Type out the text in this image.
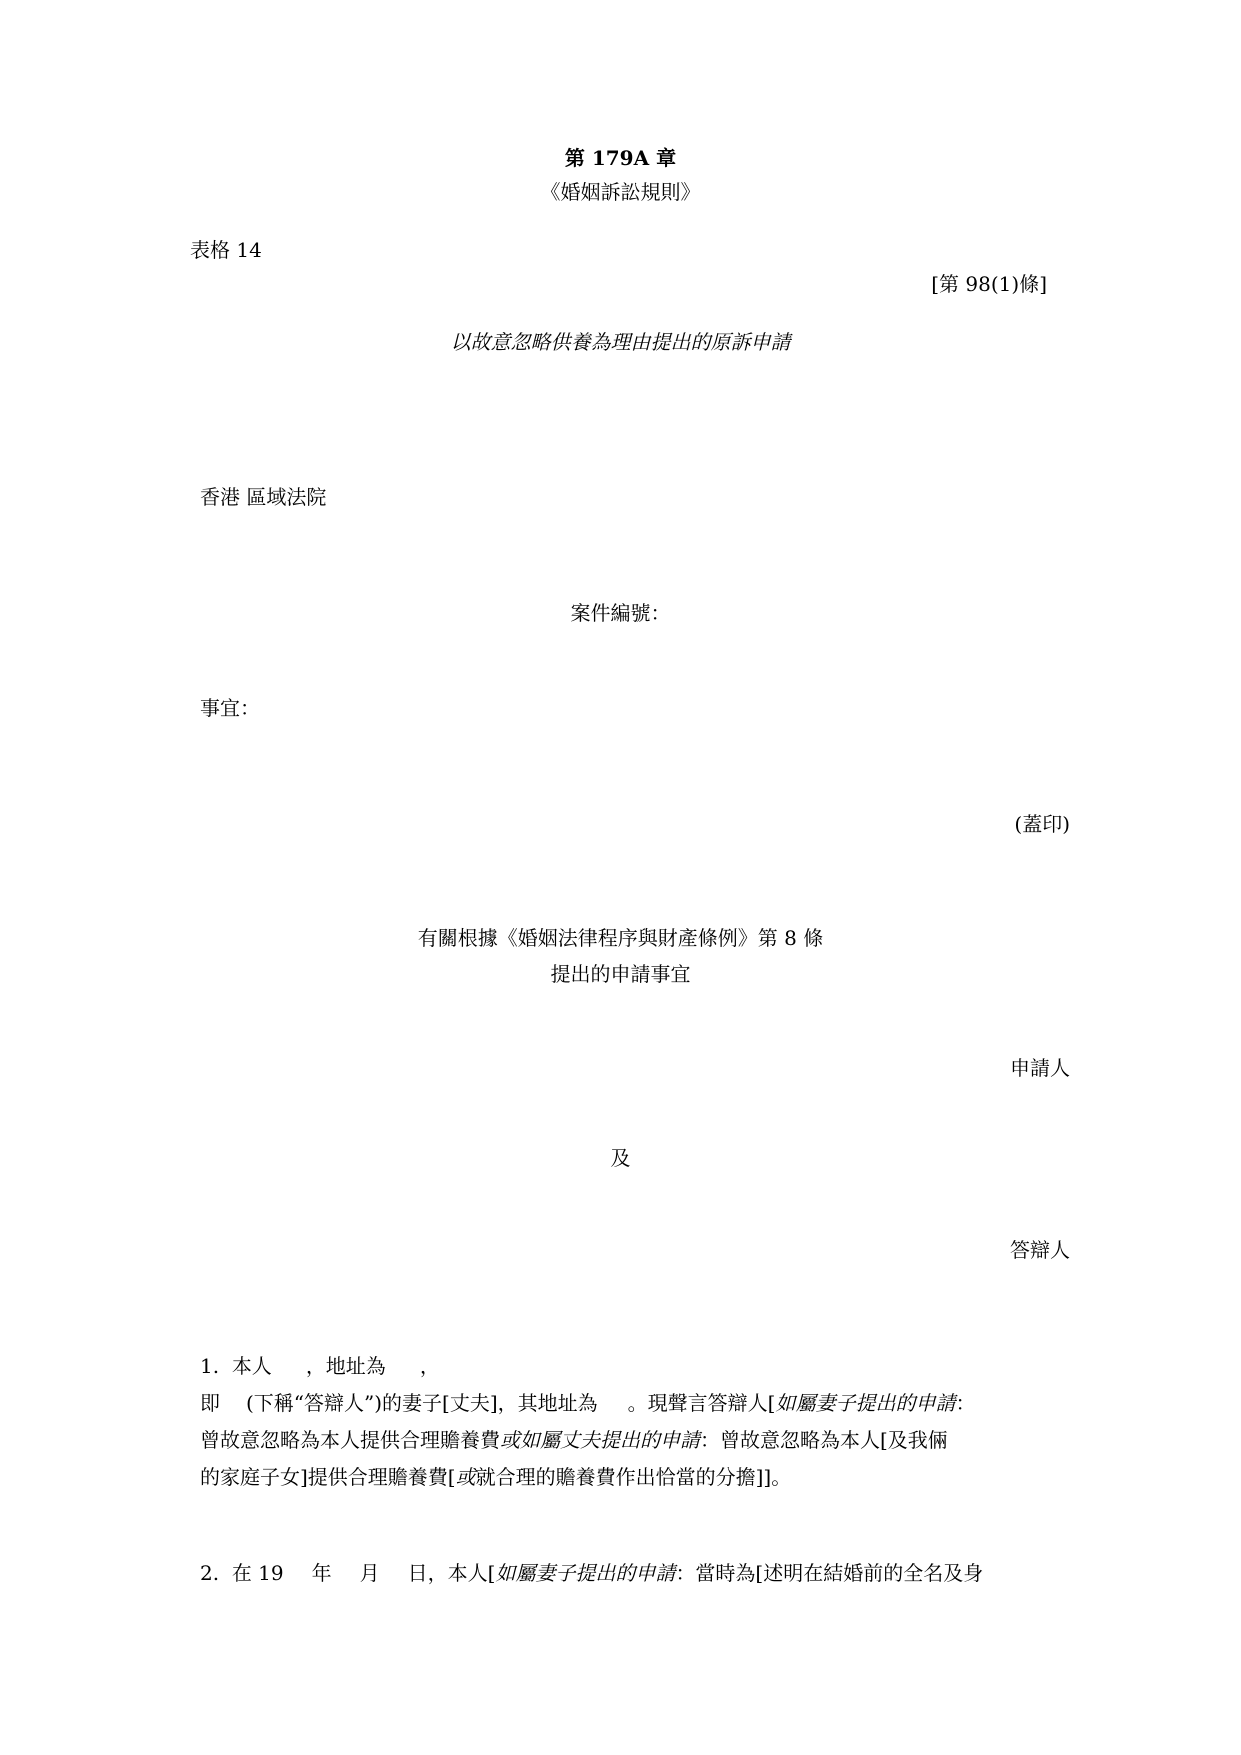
第 179A 章
《婚姻訴訟規則》
表格 14
[第 98(1)條]
以故意忽略供養為理由提出的原訴申請
香港 區域法院
案件編號：
事宜：
(蓋印)
有關根據《婚姻法律程序與財產條例》第 8 條
提出的申請事宜
申請人
及
答辯人
1. 本人 ，地址為 ，
即 (下稱“答辯人”)的妻子[丈夫]，其地址為 。現聲言答辯人[如屬妻子提出的申請：
曾故意忽略為本人提供合理贍養費或如屬丈夫提出的申請：曾故意忽略為本人[及我倆
的家庭子女]提供合理贍養費[或就合理的贍養費作出恰當的分擔]]。
2. 在 19 年 月 日，本人[如屬妻子提出的申請：當時為[述明在結婚前的全名及身
